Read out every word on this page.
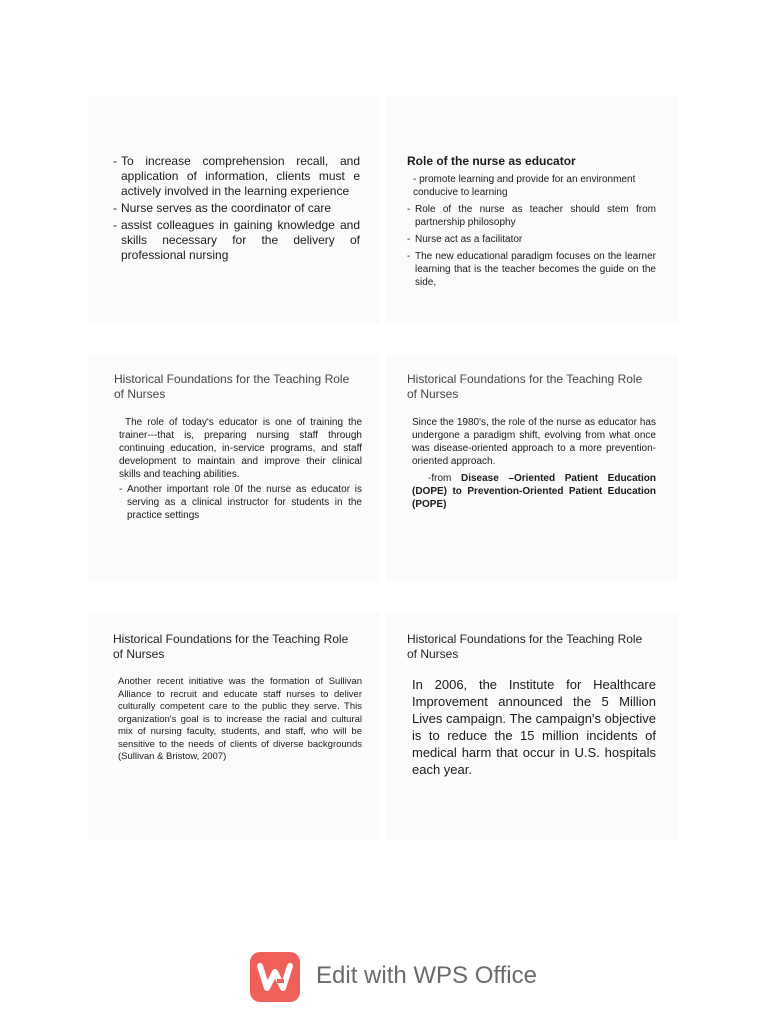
- To increase comprehension recall, and application of information, clients must e actively involved in the learning experience

- Nurse serves as the coordinator of care

- assist colleagues in gaining knowledge and skills necessary for the delivery of professional nursing

Role of the nurse as educator

- promote learning and provide for an environment conducive to learning

- Role of the nurse as teacher should stem from partnership philosophy

- Nurse act as a facilitator

- The new educational paradigm focuses on the learner learning that is the teacher becomes the guide on the side,

Historical Foundations for the Teaching Role of Nurses

The role of today's educator is one of training the trainer---that is, preparing nursing staff through continuing education, in-service programs, and staff development to maintain and improve their clinical skills and teaching abilities.

- Another important role 0f the nurse as educator is serving as a clinical instructor for students in the practice settings

Historical Foundations for the Teaching Role of Nurses

Since the 1980's, the role of the nurse as educator has undergone a paradigm shift, evolving from what once was disease-oriented approach to a more prevention-oriented approach.

-from Disease –Oriented Patient Education (DOPE) to Prevention-Oriented Patient Education (POPE)

Historical Foundations for the Teaching Role of Nurses

Another recent initiative was the formation of Sullivan Alliance to recruit and educate staff nurses to deliver culturally competent care to the public they serve. This organization's goal is to increase the racial and cultural mix of nursing faculty, students, and staff, who will be sensitive to the needs of clients of diverse backgrounds (Sullivan & Bristow, 2007)

Historical Foundations for the Teaching Role of Nurses

In 2006, the Institute for Healthcare Improvement announced the 5 Million Lives campaign. The campaign's objective is to reduce the 15 million incidents of medical harm that occur in U.S. hospitals each year.

Edit with WPS Office
